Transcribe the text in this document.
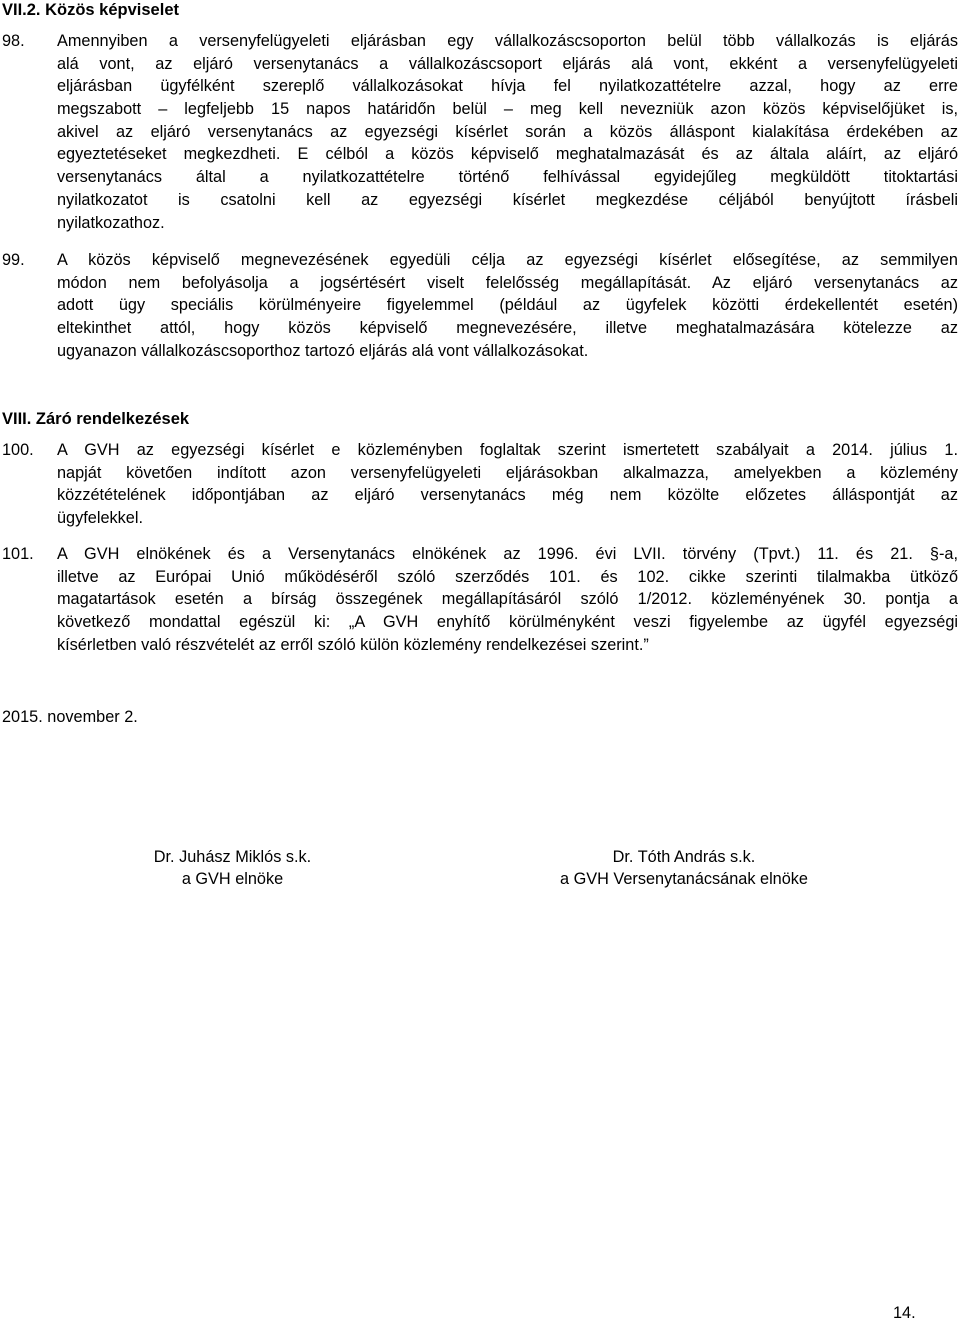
VII.2. Közös képviselet
98. Amennyiben a versenyfelügyeleti eljárásban egy vállalkozáscsoporton belül több vállalkozás is eljárás
alá vont, az eljáró versenytanács a vállalkozáscsoport eljárás alá vont, ekként a versenyfelügyeleti
eljárásban ügyfélként szereplő vállalkozásokat hívja fel nyilatkozattételre azzal, hogy az erre
megszabott – legfeljebb 15 napos határidőn belül – meg kell nevezniük azon közös képviselőjüket is,
akivel az eljáró versenytanács az egyezségi kísérlet során a közös álláspont kialakítása érdekében az
egyeztetéseket megkezdheti. E célból a közös képviselő meghatalmazását és az általa aláírt, az eljáró
versenytanács által a nyilatkozattételre történő felhívással egyidejűleg megküldött titoktartási
nyilatkozatot is csatolni kell az egyezségi kísérlet megkezdése céljából benyújtott írásbeli
nyilatkozathoz.
99. A közös képviselő megnevezésének egyedüli célja az egyezségi kísérlet elősegítése, az semmilyen
módon nem befolyásolja a jogsértésért viselt felelősség megállapítását. Az eljáró versenytanács az
adott ügy speciális körülményeire figyelemmel (például az ügyfelek közötti érdekellentét esetén)
eltekinthet attól, hogy közös képviselő megnevezésére, illetve meghatalmazására kötelezze az
ugyanazon vállalkozáscsoporthoz tartozó eljárás alá vont vállalkozásokat.
VIII. Záró rendelkezések
100. A GVH az egyezségi kísérlet e közleményben foglaltak szerint ismertetett szabályait a 2014. július 1.
napját követően indított azon versenyfelügyeleti eljárásokban alkalmazza, amelyekben a közlemény
közzétételének időpontjában az eljáró versenytanács még nem közölte előzetes álláspontját az
ügyfelekkel.
101. A GVH elnökének és a Versenytanács elnökének az 1996. évi LVII. törvény (Tpvt.) 11. és 21. §-a,
illetve az Európai Unió működéséről szóló szerződés 101. és 102. cikke szerinti tilalmakba ütköző
magatartások esetén a bírság összegének megállapításáról szóló 1/2012. közleményének 30. pontja a
következő mondattal egészül ki: „A GVH enyhítő körülményként veszi figyelembe az ügyfél egyezségi
kísérletben való részvételét az erről szóló külön közlemény rendelkezései szerint.”
2015. november 2.
Dr. Juhász Miklós s.k.
a GVH elnöke
Dr. Tóth András s.k.
a GVH Versenytanácsának elnöke
14.
